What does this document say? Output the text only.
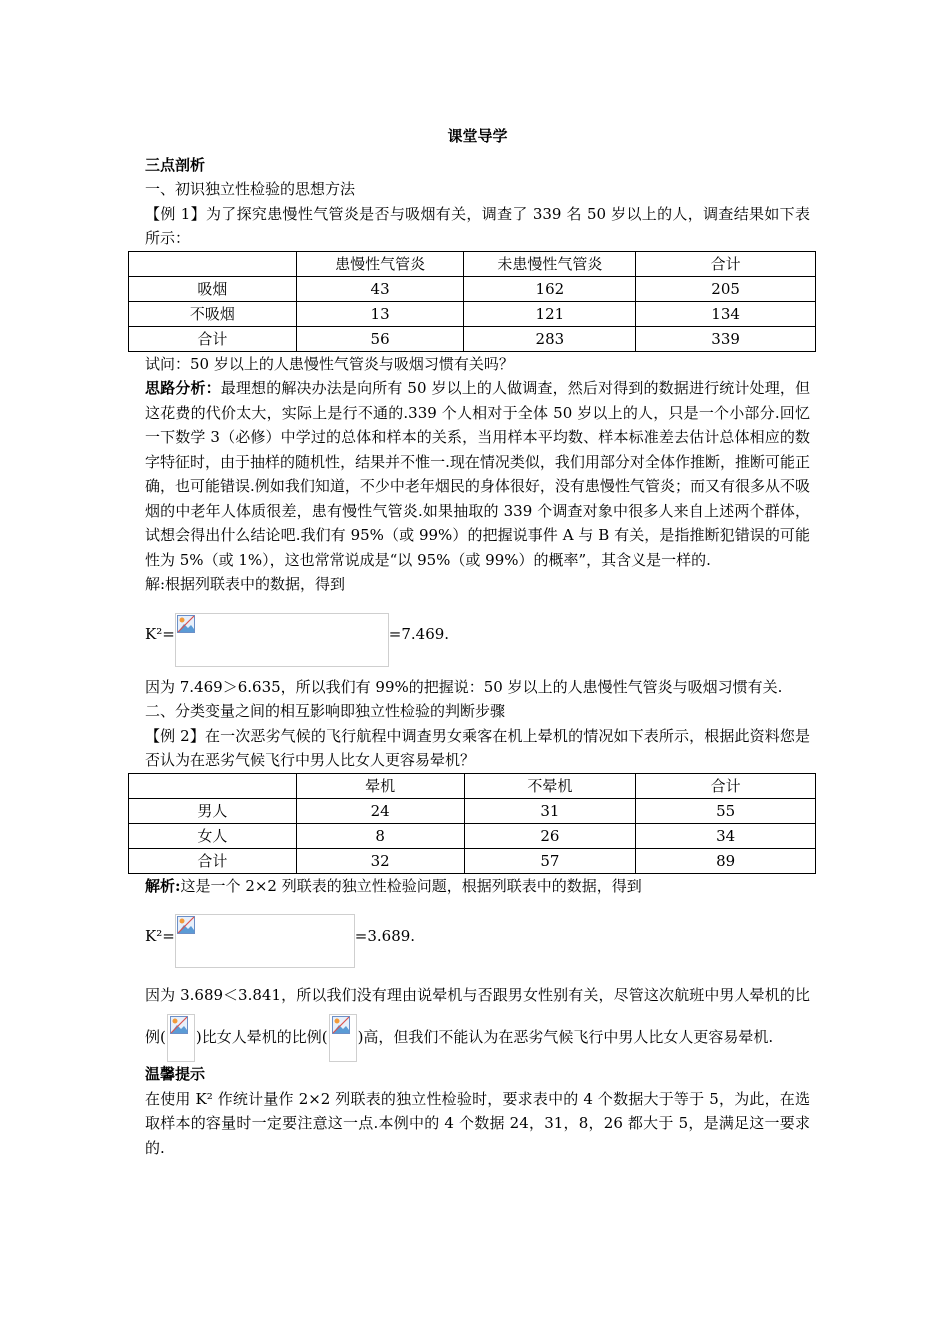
课堂导学

三点剖析

一、初识独立性检验的思想方法

【例 1】为了探究患慢性气管炎是否与吸烟有关，调查了 339 名 50 岁以上的人，调查结果如下表所示：

	患慢性气管炎	未患慢性气管炎	合计
吸烟	43	162	205
不吸烟	13	121	134
合计	56	283	339

试问：50 岁以上的人患慢性气管炎与吸烟习惯有关吗？

思路分析：最理想的解决办法是向所有 50 岁以上的人做调查，然后对得到的数据进行统计处理，但这花费的代价太大，实际上是行不通的.339 个人相对于全体 50 岁以上的人，只是一个小部分.回忆一下数学 3（必修）中学过的总体和样本的关系，当用样本平均数、样本标准差去估计总体相应的数字特征时，由于抽样的随机性，结果并不惟一.现在情况类似，我们用部分对全体作推断，推断可能正确，也可能错误.例如我们知道，不少中老年烟民的身体很好，没有患慢性气管炎；而又有很多从不吸烟的中老年人体质很差，患有慢性气管炎.如果抽取的 339 个调查对象中很多人来自上述两个群体，试想会得出什么结论吧.我们有 95%（或 99%）的把握说事件 A 与 B 有关，是指推断犯错误的可能性为 5%（或 1%），这也常常说成是“以 95%（或 99%）的概率”，其含义是一样的.

解:根据列联表中的数据，得到

K²=	=7.469.

因为 7.469＞6.635，所以我们有 99%的把握说：50 岁以上的人患慢性气管炎与吸烟习惯有关.

二、分类变量之间的相互影响即独立性检验的判断步骤

【例 2】在一次恶劣气候的飞行航程中调查男女乘客在机上晕机的情况如下表所示，根据此资料您是否认为在恶劣气候飞行中男人比女人更容易晕机？

	晕机	不晕机	合计
男人	24	31	55
女人	8	26	34
合计	32	57	89

解析:这是一个 2×2 列联表的独立性检验问题，根据列联表中的数据，得到

K²=	=3.689.

因为 3.689＜3.841，所以我们没有理由说晕机与否跟男女性别有关，尽管这次航班中男人晕机的比例( )比女人晕机的比例( )高，但我们不能认为在恶劣气候飞行中男人比女人更容易晕机.

温馨提示

在使用 K² 作统计量作 2×2 列联表的独立性检验时，要求表中的 4 个数据大于等于 5，为此，在选取样本的容量时一定要注意这一点.本例中的 4 个数据 24，31，8，26 都大于 5，是满足这一要求的.
